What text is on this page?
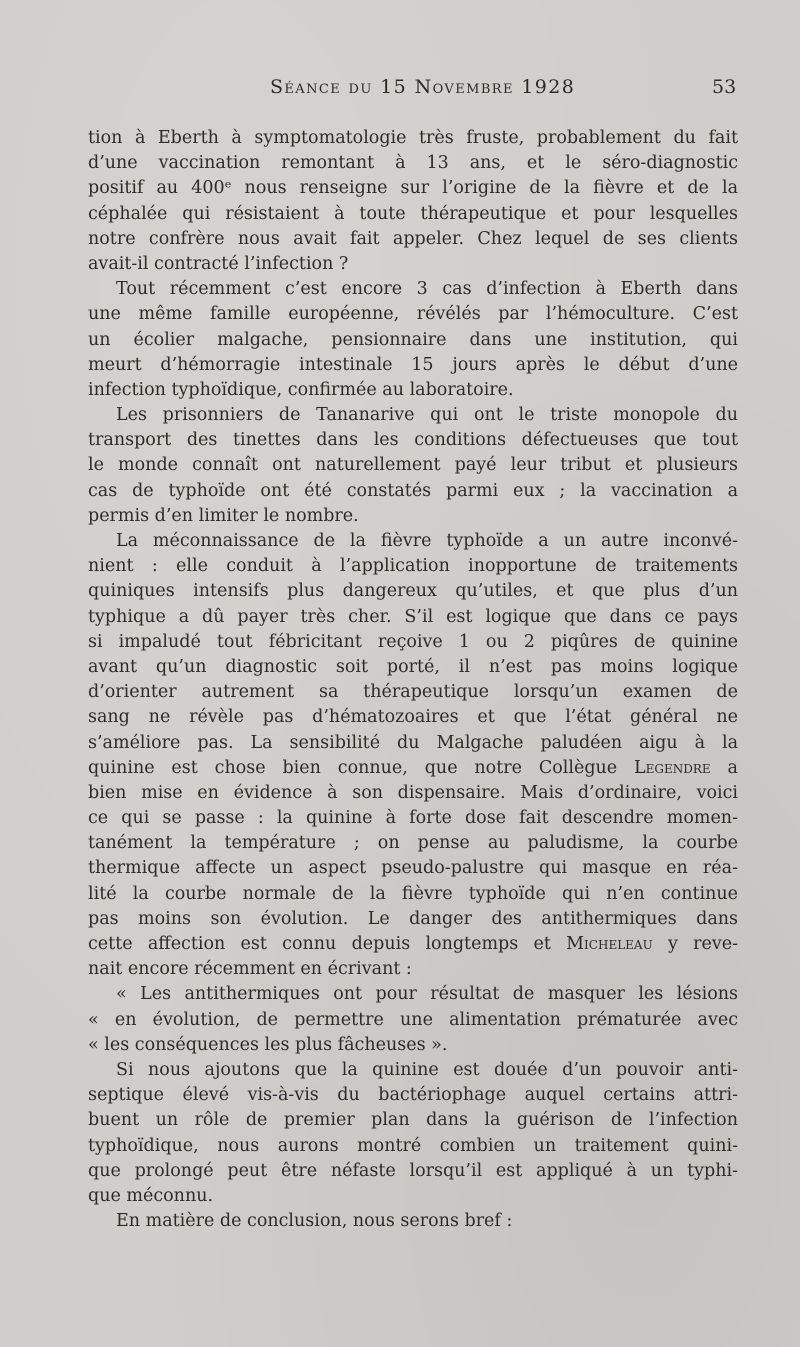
Séance du 15 Novembre 1928	53
tion à Eberth à symptomatologie très fruste, probablement du fait
d’une vaccination remontant à 13 ans, et le séro-diagnostic
positif au 400ᵉ nous renseigne sur l’origine de la fièvre et de la
céphalée qui résistaient à toute thérapeutique et pour lesquelles
notre confrère nous avait fait appeler. Chez lequel de ses clients
avait-il contracté l’infection ?
Tout récemment c’est encore 3 cas d’infection à Eberth dans
une même famille européenne, révélés par l’hémoculture. C’est
un écolier malgache, pensionnaire dans une institution, qui
meurt d’hémorragie intestinale 15 jours après le début d’une
infection typhoïdique, confirmée au laboratoire.
Les prisonniers de Tananarive qui ont le triste monopole du
transport des tinettes dans les conditions défectueuses que tout
le monde connaît ont naturellement payé leur tribut et plusieurs
cas de typhoïde ont été constatés parmi eux ; la vaccination a
permis d’en limiter le nombre.
La méconnaissance de la fièvre typhoïde a un autre inconvé-
nient : elle conduit à l’application inopportune de traitements
quiniques intensifs plus dangereux qu’utiles, et que plus d’un
typhique a dû payer très cher. S’il est logique que dans ce pays
si impaludé tout fébricitant reçoive 1 ou 2 piqûres de quinine
avant qu’un diagnostic soit porté, il n’est pas moins logique
d’orienter autrement sa thérapeutique lorsqu’un examen de
sang ne révèle pas d’hématozoaires et que l’état général ne
s’améliore pas. La sensibilité du Malgache paludéen aigu à la
quinine est chose bien connue, que notre Collègue Legendre a
bien mise en évidence à son dispensaire. Mais d’ordinaire, voici
ce qui se passe : la quinine à forte dose fait descendre momen-
tanément la température ; on pense au paludisme, la courbe
thermique affecte un aspect pseudo-palustre qui masque en réa-
lité la courbe normale de la fièvre typhoïde qui n’en continue
pas moins son évolution. Le danger des antithermiques dans
cette affection est connu depuis longtemps et Micheleau y reve-
nait encore récemment en écrivant :
« Les antithermiques ont pour résultat de masquer les lésions
« en évolution, de permettre une alimentation prématurée avec
« les conséquences les plus fâcheuses ».
Si nous ajoutons que la quinine est douée d’un pouvoir anti-
septique élevé vis-à-vis du bactériophage auquel certains attri-
buent un rôle de premier plan dans la guérison de l’infection
typhoïdique, nous aurons montré combien un traitement quini-
que prolongé peut être néfaste lorsqu’il est appliqué à un typhi-
que méconnu.
En matière de conclusion, nous serons bref :
